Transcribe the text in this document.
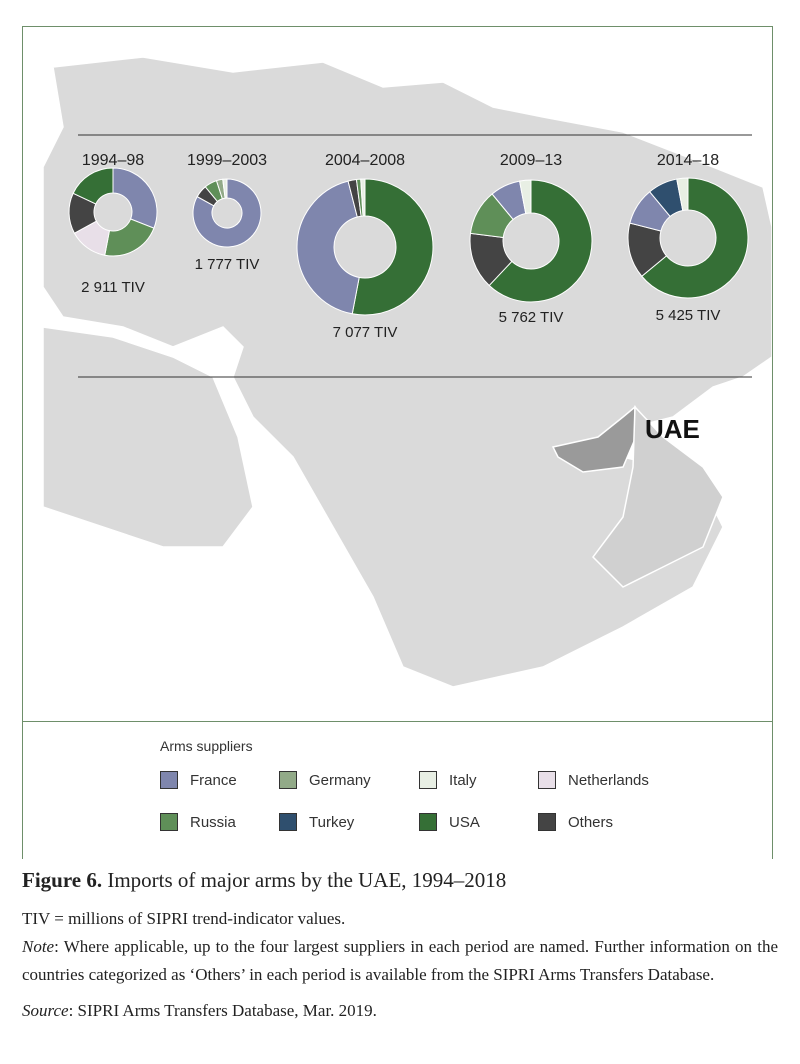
UAE
1994–98
2 911 TIV
1999–2003
1 777 TIV
2004–2008
7 077 TIV
2009–13
5 762 TIV
2014–18
5 425 TIV
Arms suppliers
France	Germany	Italy	Netherlands
Russia	Turkey	USA	Others

Figure 6. Imports of major arms by the UAE, 1994–2018

TIV = millions of SIPRI trend-indicator values.

Note: Where applicable, up to the four largest suppliers in each period are named. Further information on the countries categorized as ‘Others’ in each period is available from the SIPRI Arms Transfers Database.

Source: SIPRI Arms Transfers Database, Mar. 2019.
